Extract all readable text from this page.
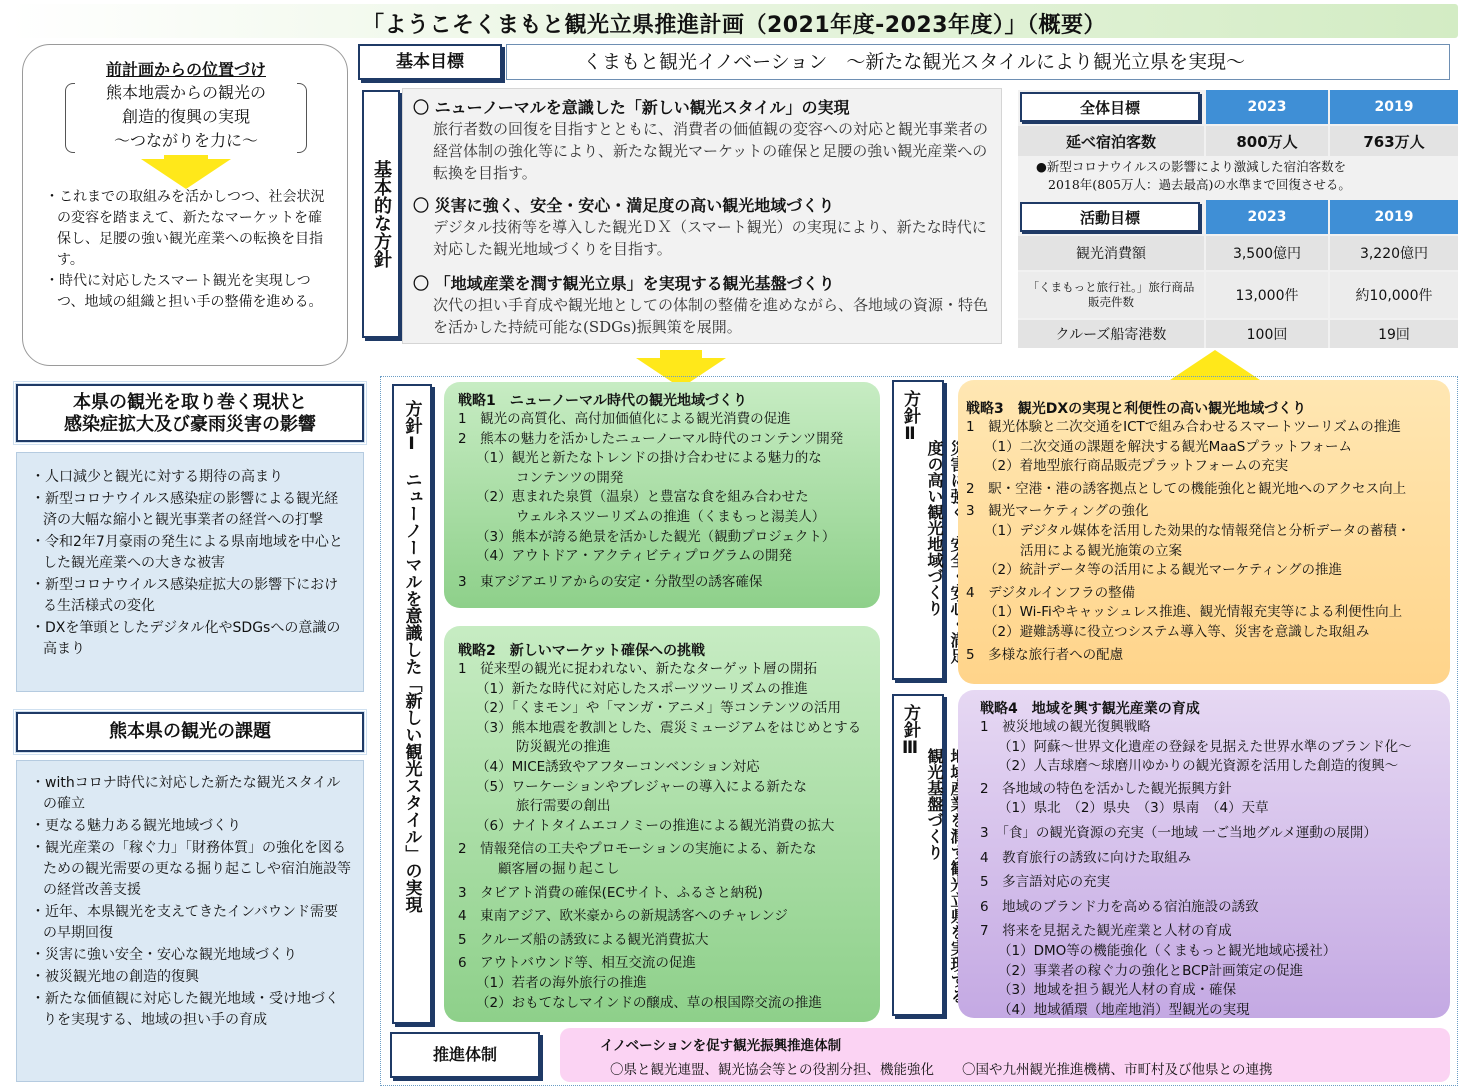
「ようこそくまもと観光立県推進計画（2021年度-2023年度）」（概要）
前計画からの位置づけ
熊本地震からの観光の
創造的復興の実現
～つながりを力に～
・これまでの取組みを活かしつつ、社会状況の変容を踏まえて、新たなマーケットを確保し、足腰の強い観光産業への転換を目指す。
・時代に対応したスマート観光を実現しつつ、地域の組織と担い手の整備を進める。
本県の観光を取り巻く現状と
感染症拡大及び豪雨災害の影響
・人口減少と観光に対する期待の高まり
・新型コロナウイルス感染症の影響による観光経済の大幅な縮小と観光事業者の経営への打撃
・令和2年7月豪雨の発生による県南地域を中心とした観光産業への大きな被害
・新型コロナウイルス感染症拡大の影響下における生活様式の変化
・DXを筆頭としたデジタル化やSDGsへの意識の高まり
熊本県の観光の課題
・withコロナ時代に対応した新たな観光スタイルの確立
・更なる魅力ある観光地域づくり
・観光産業の「稼ぐ力」「財務体質」の強化を図るための観光需要の更なる掘り起こしや宿泊施設等の経営改善支援
・近年、本県観光を支えてきたインバウンド需要の早期回復
・災害に強い安全・安心な観光地域づくり
・被災観光地の創造的復興
・新たな価値観に対応した観光地域・受け地づくりを実現する、地域の担い手の育成
基本目標	くまもと観光イノベーション　～新たな観光スタイルにより観光立県を実現～
基本的な方針
〇 ニューノーマルを意識した「新しい観光スタイル」の実現
旅行者数の回復を目指すとともに、消費者の価値観の変容への対応と観光事業者の経営体制の強化等により、新たな観光マーケットの確保と足腰の強い観光産業への転換を目指す。
〇 災害に強く、安全・安心・満足度の高い観光地域づくり
デジタル技術等を導入した観光ＤＸ（スマート観光）の実現により、新たな時代に対応した観光地域づくりを目指す。
〇 「地域産業を潤す観光立県」を実現する観光基盤づくり
次代の担い手育成や観光地としての体制の整備を進めながら、各地域の資源・特色を活かした持続可能な(SDGs)振興策を展開。
全体目標	2023	2019
延べ宿泊客数	800万人	763万人
●新型コロナウイルスの影響により激減した宿泊客数を
2018年(805万人：過去最高)の水準まで回復させる。
活動目標	2023	2019
観光消費額	3,500億円	3,220億円
「くまもっと旅行社。」旅行商品販売件数	13,000件	約10,000件
クルーズ船寄港数	100回	19回
方針Ⅰ　ニューノーマルを意識した「新しい観光スタイル」の実現	戦略1　ニューノーマル時代の観光地域づくり
1　観光の高質化、高付加価値化による観光消費の促進
2　熊本の魅力を活かしたニューノーマル時代のコンテンツ開発
（1）観光と新たなトレンドの掛け合わせによる魅力的な
コンテンツの開発
（2）恵まれた泉質（温泉）と豊富な食を組み合わせた
ウェルネスツーリズムの推進（くまもっと湯美人）
（3）熊本が誇る絶景を活かした観光（観動プロジェクト）
（4）アウトドア・アクティビティプログラムの開発
3　東アジアエリアからの安定・分散型の誘客確保
戦略2　新しいマーケット確保への挑戦
1　従来型の観光に捉われない、新たなターゲット層の開拓
（1）新たな時代に対応したスポーツツーリズムの推進
（2）「くまモン」や「マンガ・アニメ」等コンテンツの活用
（3）熊本地震を教訓とした、震災ミュージアムをはじめとする
防災観光の推進
（4）MICE誘致やアフターコンベンション対応
（5）ワーケーションやブレジャーの導入による新たな
旅行需要の創出
（6）ナイトタイムエコノミーの推進による観光消費の拡大
2　情報発信の工夫やプロモーションの実施による、新たな
顧客層の掘り起こし
3　タビアト消費の確保(ECサイト、ふるさと納税)
4　東南アジア、欧米豪からの新規誘客へのチャレンジ
5　クルーズ船の誘致による観光消費拡大
6　アウトバウンド等、相互交流の促進
（1）若者の海外旅行の推進
（2）おもてなしマインドの醸成、草の根国際交流の推進
方針Ⅱ
度の高い観光地域づくり
戦略3　観光DXの実現と利便性の高い観光地域づくり
1　観光体験と二次交通をICTで組み合わせるスマートツーリズムの推進
（1）二次交通の課題を解決する観光MaaSプラットフォーム
（2）着地型旅行商品販売プラットフォームの充実
2　駅・空港・港の誘客拠点としての機能強化と観光地へのアクセス向上
3　観光マーケティングの強化
（1）デジタル媒体を活用した効果的な情報発信と分析データの蓄積・
活用による観光施策の立案
（2）統計データ等の活用による観光マーケティングの推進
4　デジタルインフラの整備
（1）Wi-Fiやキャッシュレス推進、観光情報充実等による利便性向上
（2）避難誘導に役立つシステム導入等、災害を意識した取組み
5　多様な旅行者への配慮
方針Ⅲ 観光基盤づくり
戦略4　地域を興す観光産業の育成
1　被災地域の観光復興戦略
（1）阿蘇～世界文化遺産の登録を見据えた世界水準のブランド化～
（2）人吉球磨～球磨川ゆかりの観光資源を活用した創造的復興～
2　各地域の特色を活かした観光振興方針
（1）県北　（2）県央　（3）県南　（4）天草
3　「食」の観光資源の充実（一地域 一ご当地グルメ運動の展開）
4　教育旅行の誘致に向けた取組み
5　多言語対応の充実
6　地域のブランド力を高める宿泊施設の誘致
7　将来を見据えた観光産業と人材の育成
（1）DMO等の機能強化（くまもっと観光地域応援社）
（2）事業者の稼ぐ力の強化とBCP計画策定の促進
（3）地域を担う観光人材の育成・確保
（4）地域循環（地産地消）型観光の実現
推進体制	イノベーションを促す観光振興推進体制
〇県と観光連盟、観光協会等との役割分担、機能強化 〇国や九州観光推進機構、市町村及び他県との連携
